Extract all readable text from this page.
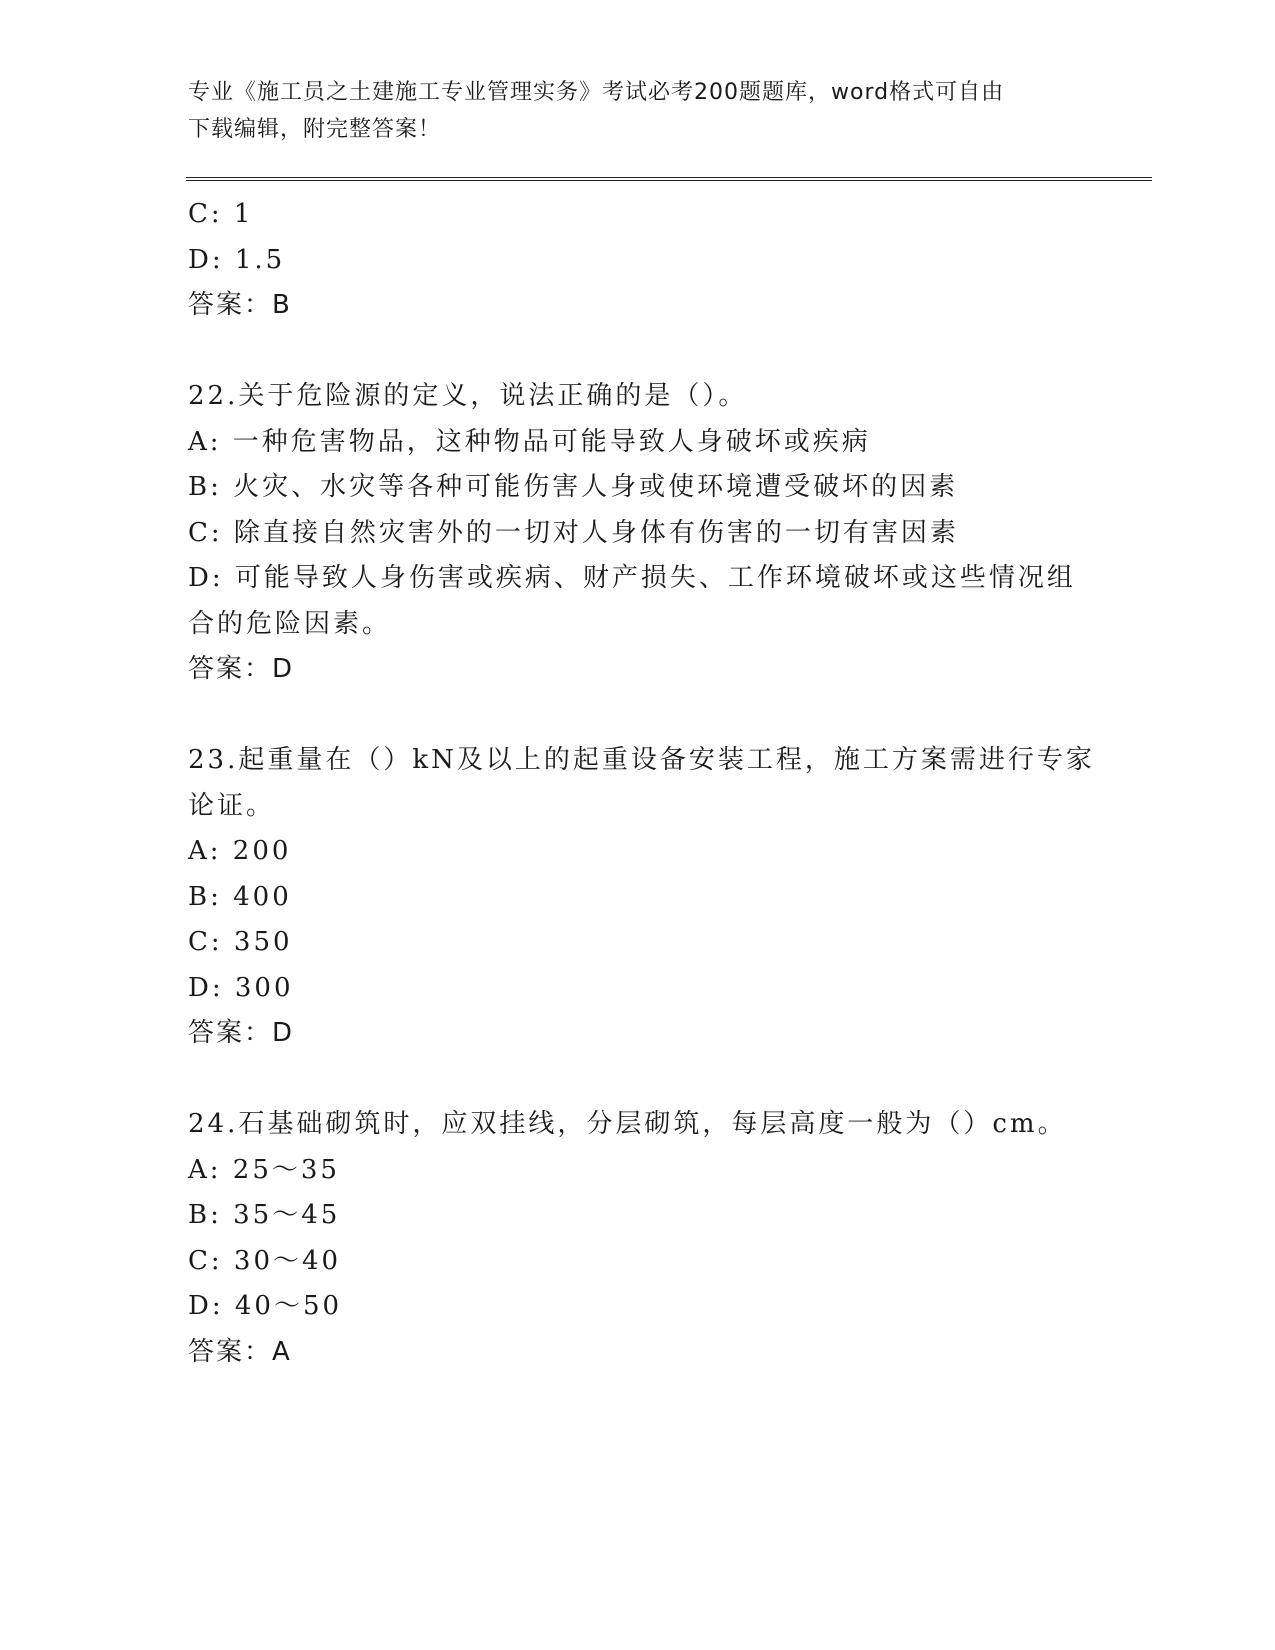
专业《施工员之土建施工专业管理实务》考试必考200题题库，word格式可自由
下载编辑，附完整答案！
C: 1
D: 1.5
答案：B
22.关于危险源的定义，说法正确的是（）。
A: 一种危害物品，这种物品可能导致人身破坏或疾病
B: 火灾、水灾等各种可能伤害人身或使环境遭受破坏的因素
C: 除直接自然灾害外的一切对人身体有伤害的一切有害因素
D: 可能导致人身伤害或疾病、财产损失、工作环境破坏或这些情况组
合的危险因素。
答案：D
23.起重量在（）kN及以上的起重设备安装工程，施工方案需进行专家
论证。
A: 200
B: 400
C: 350
D: 300
答案：D
24.石基础砌筑时，应双挂线，分层砌筑，每层高度一般为（）cm。
A: 25～35
B: 35～45
C: 30～40
D: 40～50
答案：A
